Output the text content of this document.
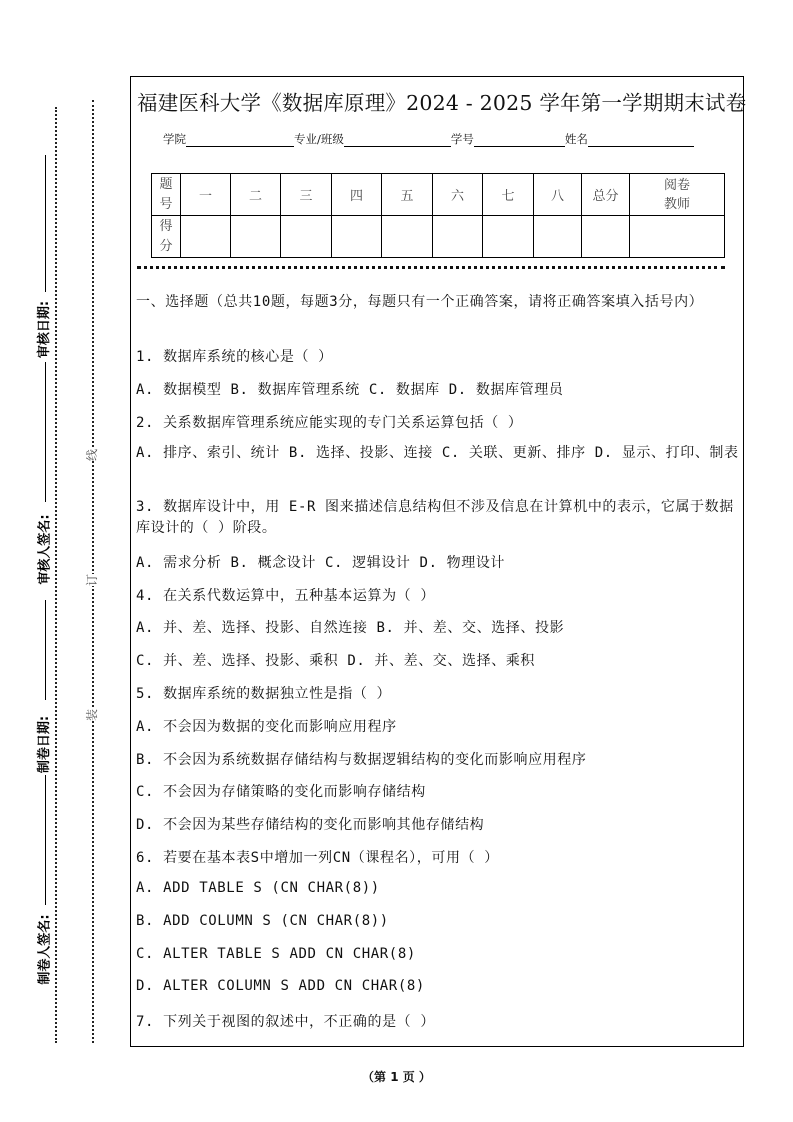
审核日期:
审核人签名:
制卷日期:
制卷人签名:
线
订
装
福建医科大学《数据库原理》2024 - 2025 学年第一学期期末试卷
学院	专业/班级	学号	姓名
题
号	一	二	三	四	五	六	七	八	总分	阅卷
教师
得
分										
一、选择题（总共10题，每题3分，每题只有一个正确答案，请将正确答案填入括号内）
1. 数据库系统的核心是（ ）
A. 数据模型 B. 数据库管理系统 C. 数据库 D. 数据库管理员
2. 关系数据库管理系统应能实现的专门关系运算包括（ ）
A. 排序、索引、统计 B. 选择、投影、连接 C. 关联、更新、排序 D. 显示、打印、制表
3. 数据库设计中，用 E-R 图来描述信息结构但不涉及信息在计算机中的表示，它属于数据库设计的（ ）阶段。
A. 需求分析 B. 概念设计 C. 逻辑设计 D. 物理设计
4. 在关系代数运算中，五种基本运算为（ ）
A. 并、差、选择、投影、自然连接 B. 并、差、交、选择、投影
C. 并、差、选择、投影、乘积 D. 并、差、交、选择、乘积
5. 数据库系统的数据独立性是指（ ）
A. 不会因为数据的变化而影响应用程序
B. 不会因为系统数据存储结构与数据逻辑结构的变化而影响应用程序
C. 不会因为存储策略的变化而影响存储结构
D. 不会因为某些存储结构的变化而影响其他存储结构
6. 若要在基本表S中增加一列CN（课程名），可用（ ）
A. ADD TABLE S (CN CHAR(8))
B. ADD COLUMN S (CN CHAR(8))
C. ALTER TABLE S ADD CN CHAR(8)
D. ALTER COLUMN S ADD CN CHAR(8)
7. 下列关于视图的叙述中，不正确的是（ ）
（第 1 页 ）
